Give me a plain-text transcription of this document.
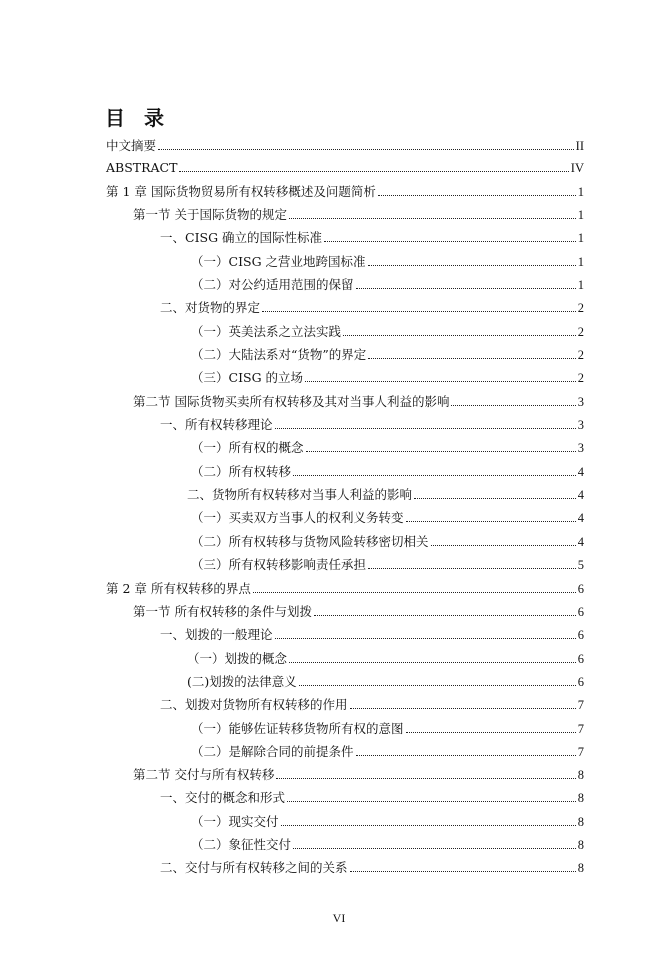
目 录
中文摘要	II
ABSTRACT	IV
第 1 章 国际货物贸易所有权转移概述及问题简析	1
第一节 关于国际货物的规定	1
一、CISG 确立的国际性标准	1
（一）CISG 之营业地跨国标准	1
（二）对公约适用范围的保留	1
二、对货物的界定	2
（一）英美法系之立法实践	2
（二）大陆法系对“货物”的界定	2
（三）CISG 的立场	2
第二节 国际货物买卖所有权转移及其对当事人利益的影响	3
一、所有权转移理论	3
（一）所有权的概念	3
（二）所有权转移	4
二、货物所有权转移对当事人利益的影响	4
（一）买卖双方当事人的权利义务转变	4
（二）所有权转移与货物风险转移密切相关	4
（三）所有权转移影响责任承担	5
第 2 章 所有权转移的界点	6
第一节 所有权转移的条件与划拨	6
一、划拨的一般理论	6
（一）划拨的概念	6
(二)划拨的法律意义	6
二、划拨对货物所有权转移的作用	7
（一）能够佐证转移货物所有权的意图	7
（二）是解除合同的前提条件	7
第二节 交付与所有权转移	8
一、交付的概念和形式	8
（一）现实交付	8
（二）象征性交付	8
二、交付与所有权转移之间的关系	8
VI
